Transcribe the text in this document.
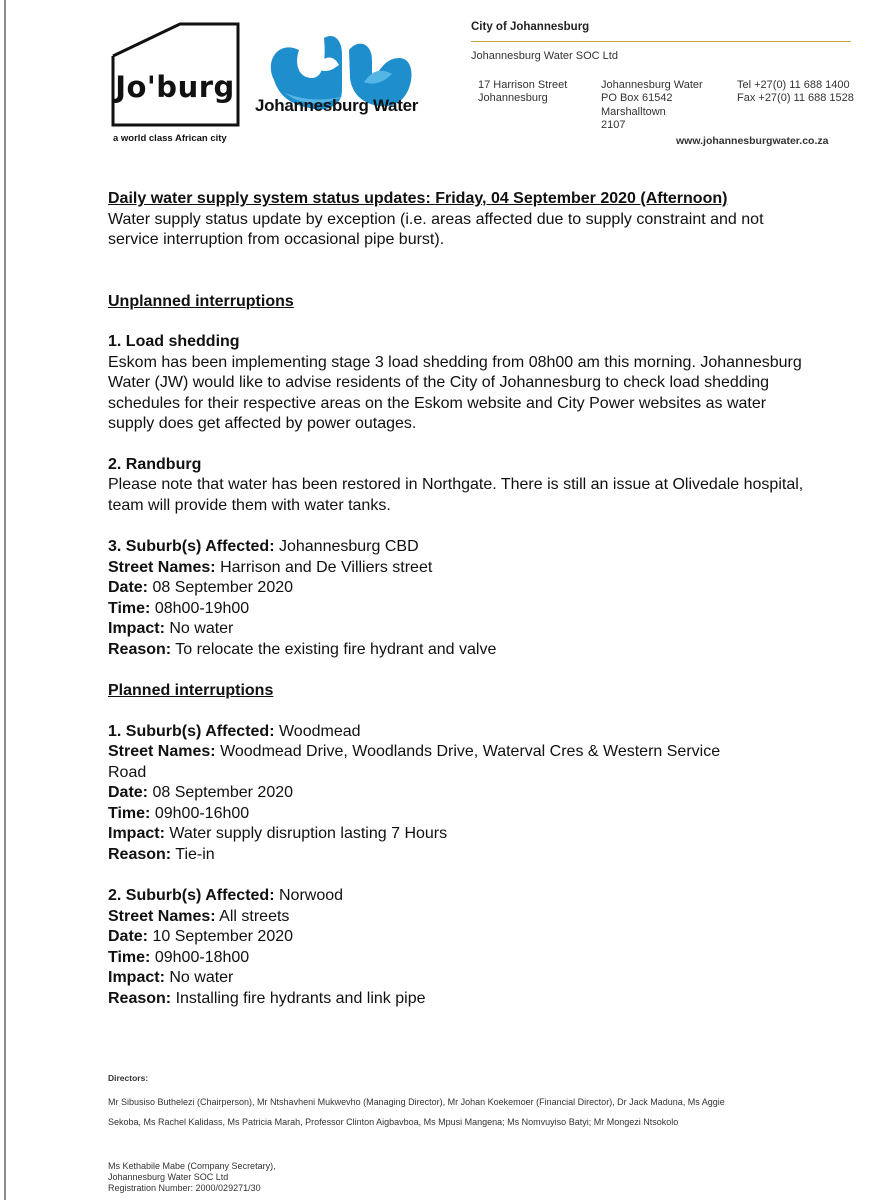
Jo'burg
a world class African city
Johannesburg Water
City of Johannesburg
Johannesburg Water SOC Ltd
17 Harrison Street
Johannesburg
Johannesburg Water
PO Box 61542
Marshalltown
2107
Tel +27(0) 11 688 1400
Fax +27(0) 11 688 1528
www.johannesburgwater.co.za

Daily water supply system status updates: Friday, 04 September 2020 (Afternoon)

Water supply status update by exception (i.e. areas affected due to supply constraint and not service interruption from occasional pipe burst).

Unplanned interruptions

1. Load shedding

Eskom has been implementing stage 3 load shedding from 08h00 am this morning. Johannesburg Water (JW) would like to advise residents of the City of Johannesburg to check load shedding schedules for their respective areas on the Eskom website and City Power websites as water supply does get affected by power outages.

2. Randburg

Please note that water has been restored in Northgate. There is still an issue at Olivedale hospital, team will provide them with water tanks.

3. Suburb(s) Affected: Johannesburg CBD

Street Names: Harrison and De Villiers street

Date: 08 September 2020

Time: 08h00-19h00

Impact: No water

Reason: To relocate the existing fire hydrant and valve

Planned interruptions

1. Suburb(s) Affected: Woodmead

Street Names: Woodmead Drive, Woodlands Drive, Waterval Cres & Western Service Road

Date: 08 September 2020

Time: 09h00-16h00

Impact: Water supply disruption lasting 7 Hours

Reason: Tie-in

2. Suburb(s) Affected: Norwood

Street Names: All streets

Date: 10 September 2020

Time: 09h00-18h00

Impact: No water

Reason: Installing fire hydrants and link pipe

Directors:
Mr Sibusiso Buthelezi (Chairperson), Mr Ntshavheni Mukwevho (Managing Director), Mr Johan Koekemoer (Financial Director), Dr Jack Maduna, Ms Aggie Sekoba, Ms Rachel Kalidass, Ms Patricia Marah, Professor Clinton Aigbavboa, Ms Mpusi Mangena; Ms Nomvuyiso Batyi; Mr Mongezi Ntsokolo
Ms Kethabile Mabe (Company Secretary),
Johannesburg Water SOC Ltd
Registration Number: 2000/029271/30
